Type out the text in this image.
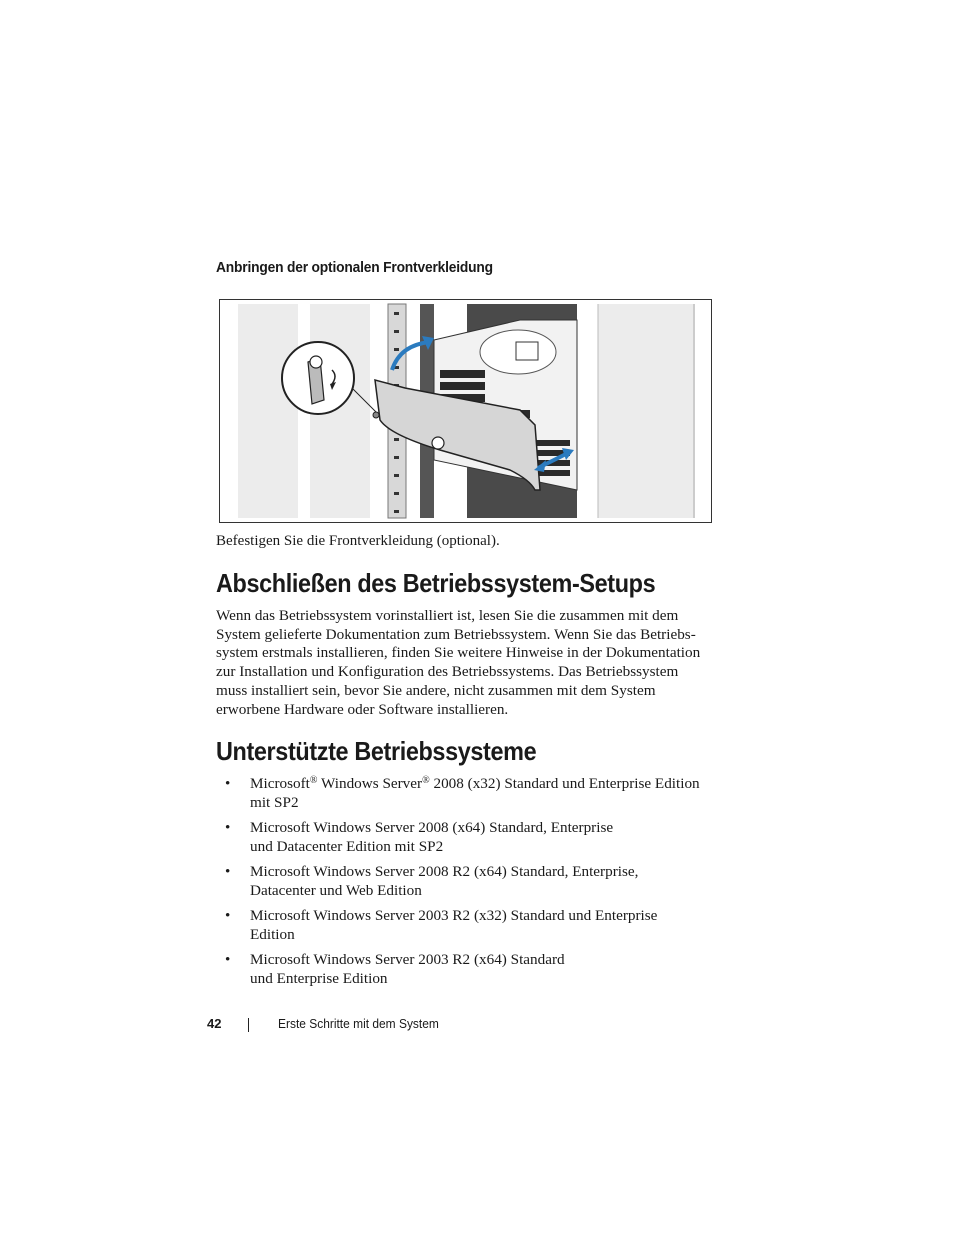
Anbringen der optionalen Frontverkleidung

Befestigen Sie die Frontverkleidung (optional).

Abschließen des Betriebssystem-Setups

Wenn das Betriebssystem vorinstalliert ist, lesen Sie die zusammen mit dem
System gelieferte Dokumentation zum Betriebssystem. Wenn Sie das Betriebs-
system erstmals installieren, finden Sie weitere Hinweise in der Dokumentation
zur Installation und Konfiguration des Betriebssystems. Das Betriebssystem
muss installiert sein, bevor Sie andere, nicht zusammen mit dem System
erworbene Hardware oder Software installieren.

Unterstützte Betriebssysteme
• Microsoft® Windows Server® 2008 (x32) Standard und Enterprise Edition
mit SP2
• Microsoft Windows Server 2008 (x64) Standard, Enterprise
und Datacenter Edition mit SP2
• Microsoft Windows Server 2008 R2 (x64) Standard, Enterprise,
Datacenter und Web Edition
• Microsoft Windows Server 2003 R2 (x32) Standard und Enterprise
Edition
• Microsoft Windows Server 2003 R2 (x64) Standard
und Enterprise Edition
42	Erste Schritte mit dem System
